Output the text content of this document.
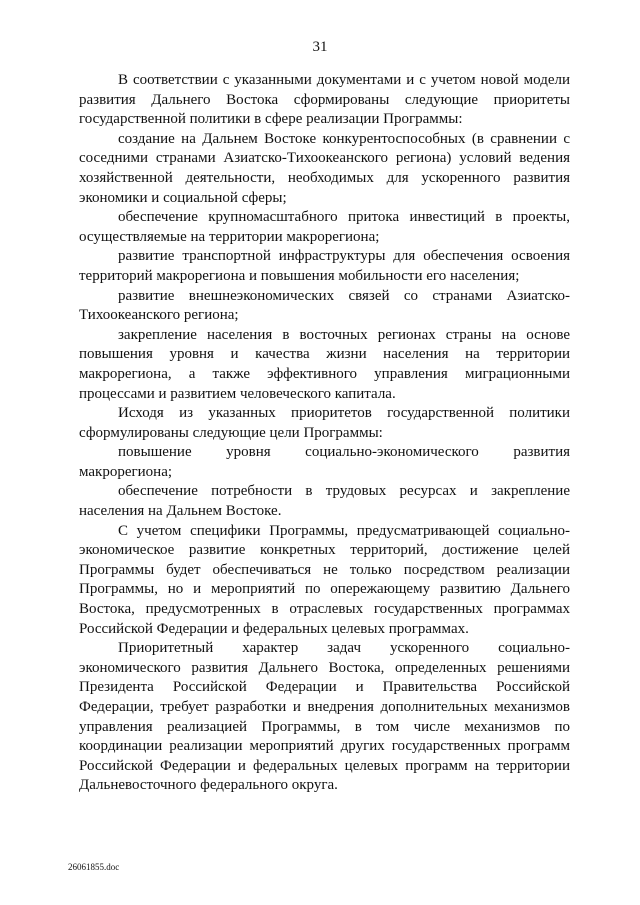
31

В соответствии с указанными документами и с учетом новой модели развития Дальнего Востока сформированы следующие приоритеты государственной политики в сфере реализации Программы:

создание на Дальнем Востоке конкурентоспособных (в сравнении с соседними странами Азиатско-Тихоокеанского региона) условий ведения хозяйственной деятельности, необходимых для ускоренного развития экономики и социальной сферы;

обеспечение крупномасштабного притока инвестиций в проекты, осуществляемые на территории макрорегиона;

развитие транспортной инфраструктуры для обеспечения освоения территорий макрорегиона и повышения мобильности его населения;

развитие внешнеэкономических связей со странами Азиатско-Тихоокеанского региона;

закрепление населения в восточных регионах страны на основе повышения уровня и качества жизни населения на территории макрорегиона, а также эффективного управления миграционными процессами и развитием человеческого капитала.

Исходя из указанных приоритетов государственной политики сформулированы следующие цели Программы:

повышение уровня социально-экономического развития макрорегиона;

обеспечение потребности в трудовых ресурсах и закрепление населения на Дальнем Востоке.

С учетом специфики Программы, предусматривающей социально-экономическое развитие конкретных территорий, достижение целей Программы будет обеспечиваться не только посредством реализации Программы, но и мероприятий по опережающему развитию Дальнего Востока, предусмотренных в отраслевых государственных программах Российской Федерации и федеральных целевых программах.

Приоритетный характер задач ускоренного социально-экономического развития Дальнего Востока, определенных решениями Президента Российской Федерации и Правительства Российской Федерации, требует разработки и внедрения дополнительных механизмов управления реализацией Программы, в том числе механизмов по координации реализации мероприятий других государственных программ Российской Федерации и федеральных целевых программ на территории Дальневосточного федерального округа.

26061855.doc
